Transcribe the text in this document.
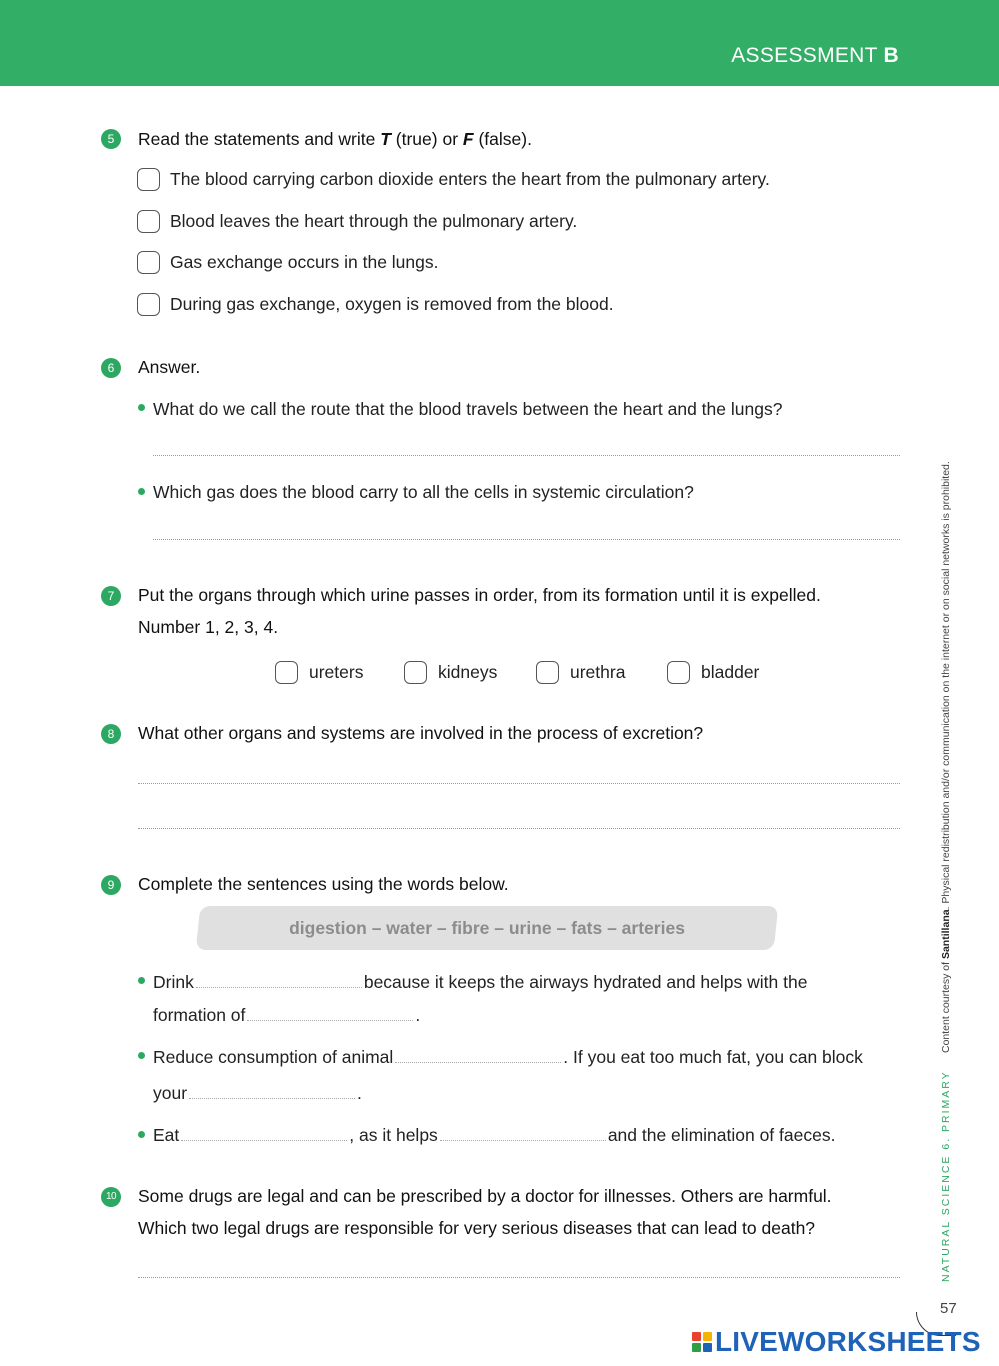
ASSESSMENT B
5	Read the statements and write T (true) or F (false).
The blood carrying carbon dioxide enters the heart from the pulmonary artery.
Blood leaves the heart through the pulmonary artery.
Gas exchange occurs in the lungs.
During gas exchange, oxygen is removed from the blood.
6	Answer.
What do we call the route that the blood travels between the heart and the lungs?
Which gas does the blood carry to all the cells in systemic circulation?
7	Put the organs through which urine passes in order, from its formation until it is expelled.
Number 1, 2, 3, 4.
ureters	kidneys	urethra	bladder
8	What other organs and systems are involved in the process of excretion?
9	Complete the sentences using the words below.
digestion – water – fibre – urine – fats – arteries
Drink	because it keeps the airways hydrated and helps with the
formation of	.
Reduce consumption of animal	. If you eat too much fat, you can block
your	.
Eat	, as it helps	and the elimination of faeces.
10 Some drugs are legal and can be prescribed by a doctor for illnesses. Others are harmful.
Which two legal drugs are responsible for very serious diseases that can lead to death?
Content courtesy of Santillana. Physical redistribution and/or communication on the internet or on social networks is prohibited.
NATURAL SCIENCE 6. PRIMARY
57
LIVEWORKSHEETS
